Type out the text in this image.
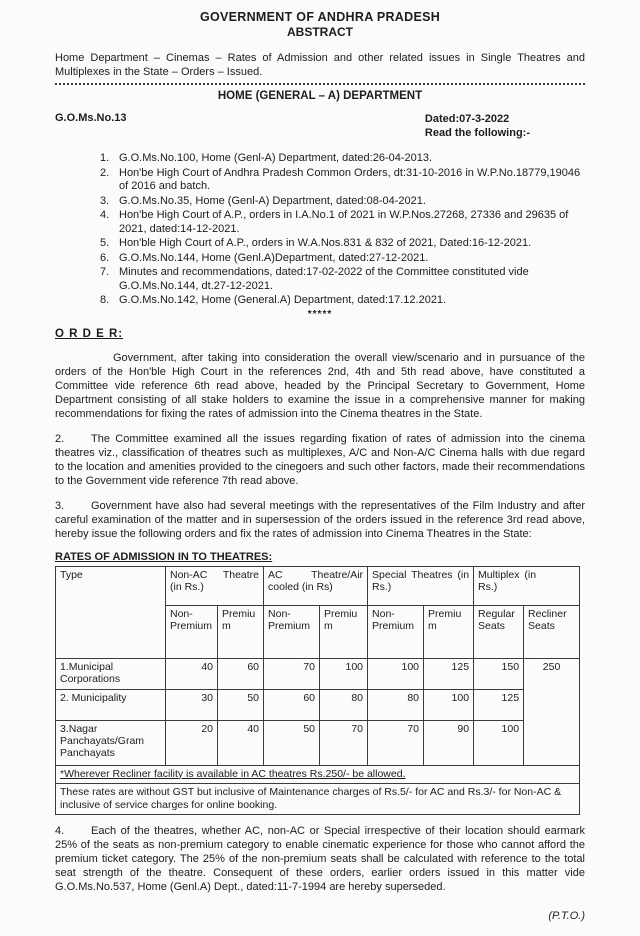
GOVERNMENT OF ANDHRA PRADESH
ABSTRACT
Home Department – Cinemas – Rates of Admission and other related issues in Single Theatres and Multiplexes in the State – Orders – Issued.
HOME (GENERAL – A) DEPARTMENT
G.O.Ms.No.13	Dated:07-3-2022
Read the following:-
1. G.O.Ms.No.100, Home (Genl-A) Department, dated:26-04-2013.
2. Hon'be High Court of Andhra Pradesh Common Orders, dt:31-10-2016 in W.P.No.18779,19046 of 2016 and batch.
3. G.O.Ms.No.35, Home (Genl-A) Department, dated:08-04-2021.
4. Hon'be High Court of A.P., orders in I.A.No.1 of 2021 in W.P.Nos.27268, 27336 and 29635 of 2021, dated:14-12-2021.
5. Hon'ble High Court of A.P., orders in W.A.Nos.831 & 832 of 2021, Dated:16-12-2021.
6. G.O.Ms.No.144, Home (Genl.A)Department, dated:27-12-2021.
7. Minutes and recommendations, dated:17-02-2022 of the Committee constituted vide G.O.Ms.No.144, dt.27-12-2021.
8. G.O.Ms.No.142, Home (General.A) Department, dated:17.12.2021.
*****
O R D E R:
Government, after taking into consideration the overall view/scenario and in pursuance of the orders of the Hon'ble High Court in the references 2nd, 4th and 5th read above, have constituted a Committee vide reference 6th read above, headed by the Principal Secretary to Government, Home Department consisting of all stake holders to examine the issue in a comprehensive manner for making recommendations for fixing the rates of admission into the Cinema theatres in the State.
2. The Committee examined all the issues regarding fixation of rates of admission into the cinema theatres viz., classification of theatres such as multiplexes, A/C and Non-A/C Cinema halls with due regard to the location and amenities provided to the cinegoers and such other factors, made their recommendations to the Government vide reference 7th read above.
3. Government have also had several meetings with the representatives of the Film Industry and after careful examination of the matter and in supersession of the orders issued in the reference 3rd read above, hereby issue the following orders and fix the rates of admission into Cinema Theatres in the State:
RATES OF ADMISSION IN TO THEATRES:
Type	Non-AC Theatre (in Rs.)		AC Theatre/Air cooled (in Rs)		Special Theatres (in Rs.)		Multiplex (in Rs.)	

	Non-Premium	Premium	Non-Premium	Premium	Non-Premium	Premium	Regular Seats	Recliner Seats
1.Municipal Corporations	40	60	70	100	100	125	150	250
2. Municipality	30	50	60	80	80	100	125	
3.Nagar Panchayats/Gram Panchayats	20	40	50	70	70	90	100	
*Wherever Recliner facility is available in AC theatres Rs.250/- be allowed.								
These rates are without GST but inclusive of Maintenance charges of Rs.5/- for AC and Rs.3/- for Non-AC & inclusive of service charges for online booking.								
4. Each of the theatres, whether AC, non-AC or Special irrespective of their location should earmark 25% of the seats as non-premium category to enable cinematic experience for those who cannot afford the premium ticket category. The 25% of the non-premium seats shall be calculated with reference to the total seat strength of the theatre. Consequent of these orders, earlier orders issued in this matter vide G.O.Ms.No.537, Home (Genl.A) Dept., dated:11-7-1994 are hereby superseded.
(P.T.O.)
